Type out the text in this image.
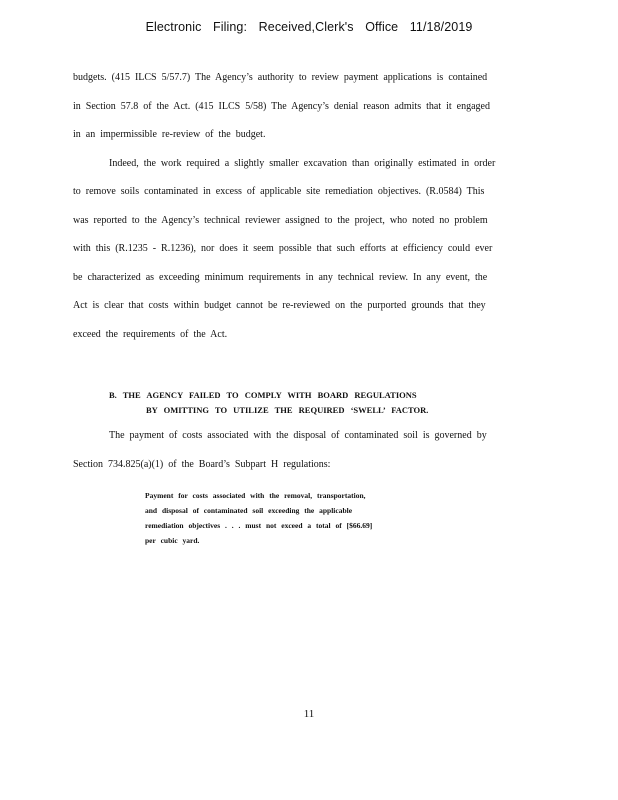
Electronic Filing: Received,Clerk's Office 11/18/2019
budgets. (415 ILCS 5/57.7) The Agency’s authority to review payment applications is contained
in Section 57.8 of the Act. (415 ILCS 5/58) The Agency’s denial reason admits that it engaged
in an impermissible re-review of the budget.
Indeed, the work required a slightly smaller excavation than originally estimated in order
to remove soils contaminated in excess of applicable site remediation objectives. (R.0584) This
was reported to the Agency’s technical reviewer assigned to the project, who noted no problem
with this (R.1235 - R.1236), nor does it seem possible that such efforts at efficiency could ever
be characterized as exceeding minimum requirements in any technical review. In any event, the
Act is clear that costs within budget cannot be re-reviewed on the purported grounds that they
exceed the requirements of the Act.
B. THE AGENCY FAILED TO COMPLY WITH BOARD REGULATIONS
BY OMITTING TO UTILIZE THE REQUIRED ‘SWELL’ FACTOR.
The payment of costs associated with the disposal of contaminated soil is governed by
Section 734.825(a)(1) of the Board’s Subpart H regulations:
Payment for costs associated with the removal, transportation,
and disposal of contaminated soil exceeding the applicable
remediation objectives . . . must not exceed a total of [$66.69]
per cubic yard.
11
